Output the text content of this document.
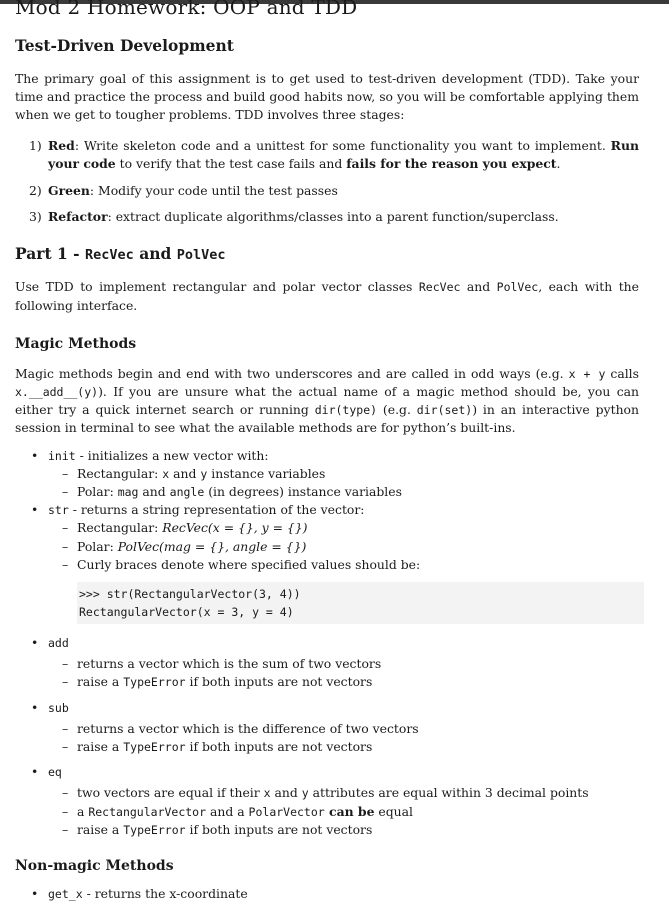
Mod 2 Homework: OOP and TDD
Test-Driven Development

The primary goal of this assignment is to get used to test-driven development (TDD). Take your time and practice the process and build good habits now, so you will be comfortable applying them when we get to tougher problems. TDD involves three stages:

1) Red: Write skeleton code and a unittest for some functionality you want to implement. Run your code to verify that the test case fails and fails for the reason you expect.
2) Green: Modify your code until the test passes
3) Refactor: extract duplicate algorithms/classes into a parent function/superclass.
Part 1 - RecVec and PolVec

Use TDD to implement rectangular and polar vector classes RecVec and PolVec, each with the following interface.

Magic Methods

Magic methods begin and end with two underscores and are called in odd ways (e.g. x + y calls x.__add__(y)). If you are unsure what the actual name of a magic method should be, you can either try a quick internet search or running dir(type) (e.g. dir(set)) in an interactive python session in terminal to see what the available methods are for python’s built-ins.

• init - initializes a new vector with:
– Rectangular: x and y instance variables
– Polar: mag and angle (in degrees) instance variables
• str - returns a string representation of the vector:
– Rectangular: RecVec(x = {}, y = {})
– Polar: PolVec(mag = {}, angle = {})
– Curly braces denote where specified values should be:
>>> str(RectangularVector(3, 4))
RectangularVector(x = 3, y = 4)
• add
– returns a vector which is the sum of two vectors
– raise a TypeError if both inputs are not vectors
• sub
– returns a vector which is the difference of two vectors
– raise a TypeError if both inputs are not vectors
• eq
– two vectors are equal if their x and y attributes are equal within 3 decimal points
– a RectangularVector and a PolarVector can be equal
– raise a TypeError if both inputs are not vectors
Non-magic Methods
• get_x - returns the x-coordinate
